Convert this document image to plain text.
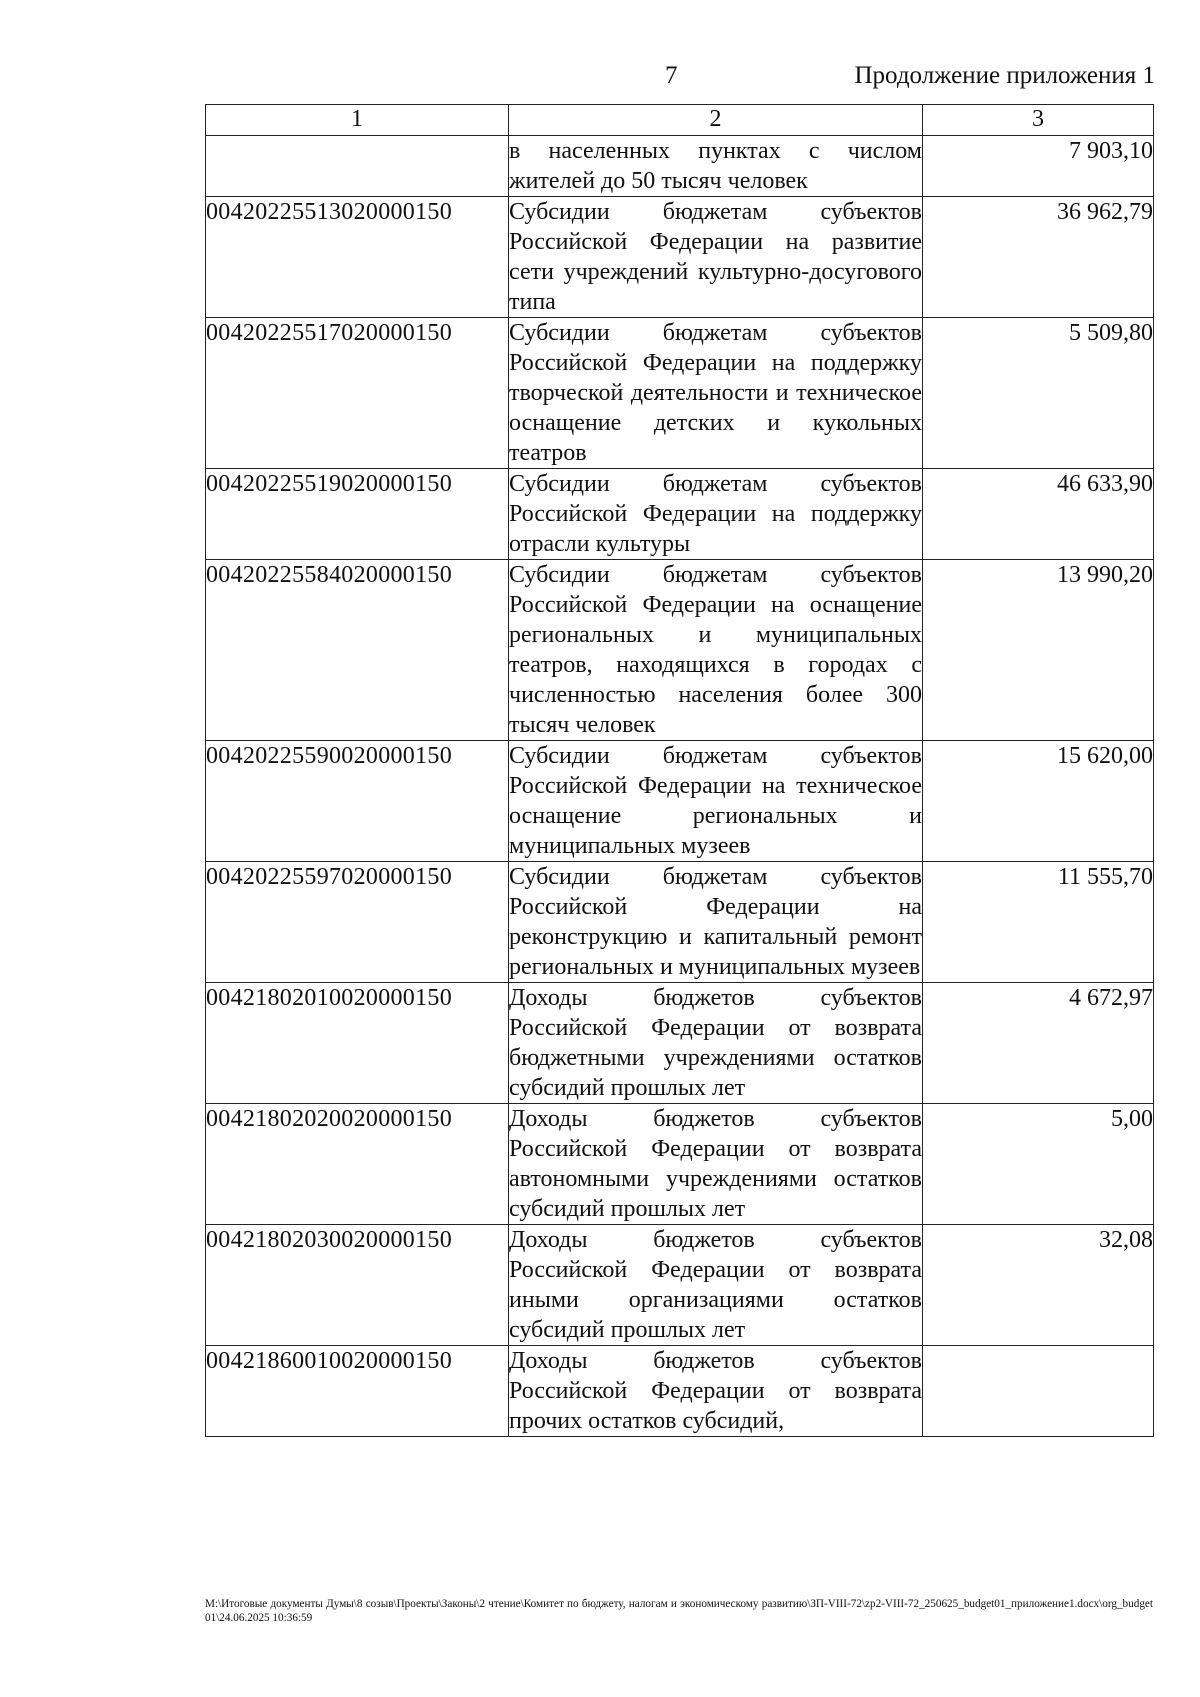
7	Продолжение приложения 1
1	2	3
	в населенных пунктах с числом жителей до 50 тысяч человек	7 903,10
00420225513020000150	Субсидии бюджетам субъектов Российской Федерации на развитие сети учреждений культурно-досугового типа	36 962,79
00420225517020000150	Субсидии бюджетам субъектов Российской Федерации на поддержку творческой деятельности и техническое оснащение детских и кукольных театров	5 509,80
00420225519020000150	Субсидии бюджетам субъектов Российской Федерации на поддержку отрасли культуры	46 633,90
00420225584020000150	Субсидии бюджетам субъектов Российской Федерации на оснащение региональных и муниципальных театров, находящихся в городах с численностью населения более 300 тысяч человек	13 990,20
00420225590020000150	Субсидии бюджетам субъектов Российской Федерации на техническое оснащение региональных и муниципальных музеев	15 620,00
00420225597020000150	Субсидии бюджетам субъектов Российской Федерации на реконструкцию и капитальный ремонт региональных и муниципальных музеев	11 555,70
00421802010020000150	Доходы бюджетов субъектов Российской Федерации от возврата бюджетными учреждениями остатков субсидий прошлых лет	4 672,97
00421802020020000150	Доходы бюджетов субъектов Российской Федерации от возврата автономными учреждениями остатков субсидий прошлых лет	5,00
00421802030020000150	Доходы бюджетов субъектов Российской Федерации от возврата иными организациями остатков субсидий прошлых лет	32,08
00421860010020000150	Доходы бюджетов субъектов Российской Федерации от возврата прочих остатков субсидий,	
M:\Итоговые документы Думы\8 созыв\Проекты\Законы\2 чтение\Комитет по бюджету, налогам и экономическому развитию\ЗП-VIII-72\zp2-VIII-72_250625_budget01_приложение1.docx\org_budget01\24.06.2025 10:36:59
